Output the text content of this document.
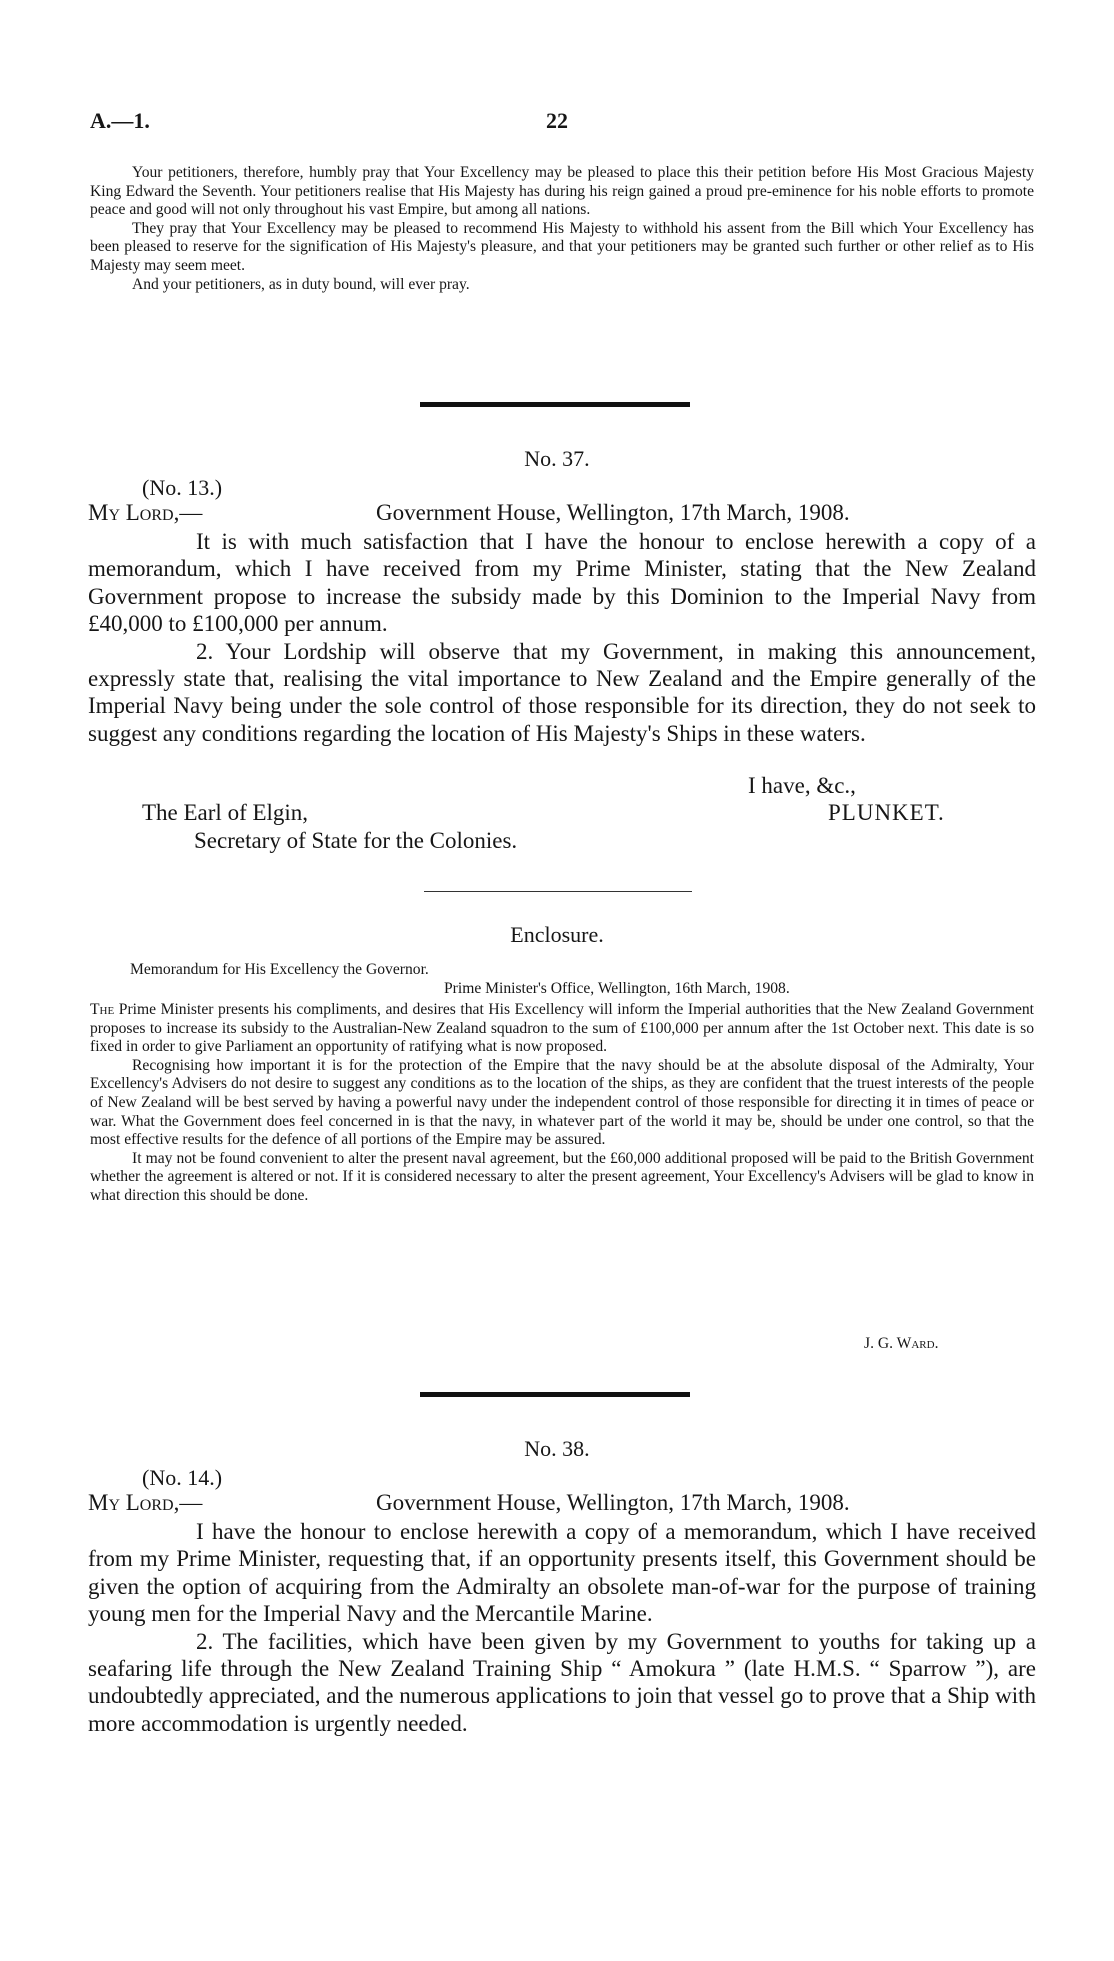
A.—1.	22

Your petitioners, therefore, humbly pray that Your Excellency may be pleased to place this their petition before His Most Gracious Majesty King Edward the Seventh. Your petitioners realise that His Majesty has during his reign gained a proud pre-eminence for his noble efforts to promote peace and good will not only throughout his vast Empire, but among all nations.

They pray that Your Excellency may be pleased to recommend His Majesty to withhold his assent from the Bill which Your Excellency has been pleased to reserve for the signification of His Majesty's pleasure, and that your petitioners may be granted such further or other relief as to His Majesty may seem meet.

And your petitioners, as in duty bound, will ever pray.

No. 37.
(No. 13.)
My Lord,—	Government House, Wellington, 17th March, 1908.

It is with much satisfaction that I have the honour to enclose herewith a copy of a memorandum, which I have received from my Prime Minister, stating that the New Zealand Government propose to increase the subsidy made by this Dominion to the Imperial Navy from £40,000 to £100,000 per annum.

2. Your Lordship will observe that my Government, in making this announcement, expressly state that, realising the vital importance to New Zealand and the Empire generally of the Imperial Navy being under the sole control of those responsible for its direction, they do not seek to suggest any conditions regarding the location of His Majesty's Ships in these waters.

I have, &c.,
The Earl of Elgin,	PLUNKET.
Secretary of State for the Colonies.
Enclosure.
Memorandum for His Excellency the Governor.
Prime Minister's Office, Wellington, 16th March, 1908.

The Prime Minister presents his compliments, and desires that His Excellency will inform the Imperial authorities that the New Zealand Government proposes to increase its subsidy to the Australian-New Zealand squadron to the sum of £100,000 per annum after the 1st October next. This date is so fixed in order to give Parliament an opportunity of ratifying what is now proposed.

Recognising how important it is for the protection of the Empire that the navy should be at the absolute disposal of the Admiralty, Your Excellency's Advisers do not desire to suggest any conditions as to the location of the ships, as they are confident that the truest interests of the people of New Zealand will be best served by having a powerful navy under the independent control of those responsible for directing it in times of peace or war. What the Government does feel concerned in is that the navy, in whatever part of the world it may be, should be under one control, so that the most effective results for the defence of all portions of the Empire may be assured.

It may not be found convenient to alter the present naval agreement, but the £60,000 additional proposed will be paid to the British Government whether the agreement is altered or not. If it is considered necessary to alter the present agreement, Your Excellency's Advisers will be glad to know in what direction this should be done.

J. G. Ward.
No. 38.
(No. 14.)
My Lord,—	Government House, Wellington, 17th March, 1908.

I have the honour to enclose herewith a copy of a memorandum, which I have received from my Prime Minister, requesting that, if an opportunity presents itself, this Government should be given the option of acquiring from the Admiralty an obsolete man-of-war for the purpose of training young men for the Imperial Navy and the Mercantile Marine.

2. The facilities, which have been given by my Government to youths for taking up a seafaring life through the New Zealand Training Ship “ Amokura ” (late H.M.S. “ Sparrow ”), are undoubtedly appreciated, and the numerous applications to join that vessel go to prove that a Ship with more accommodation is urgently needed.
